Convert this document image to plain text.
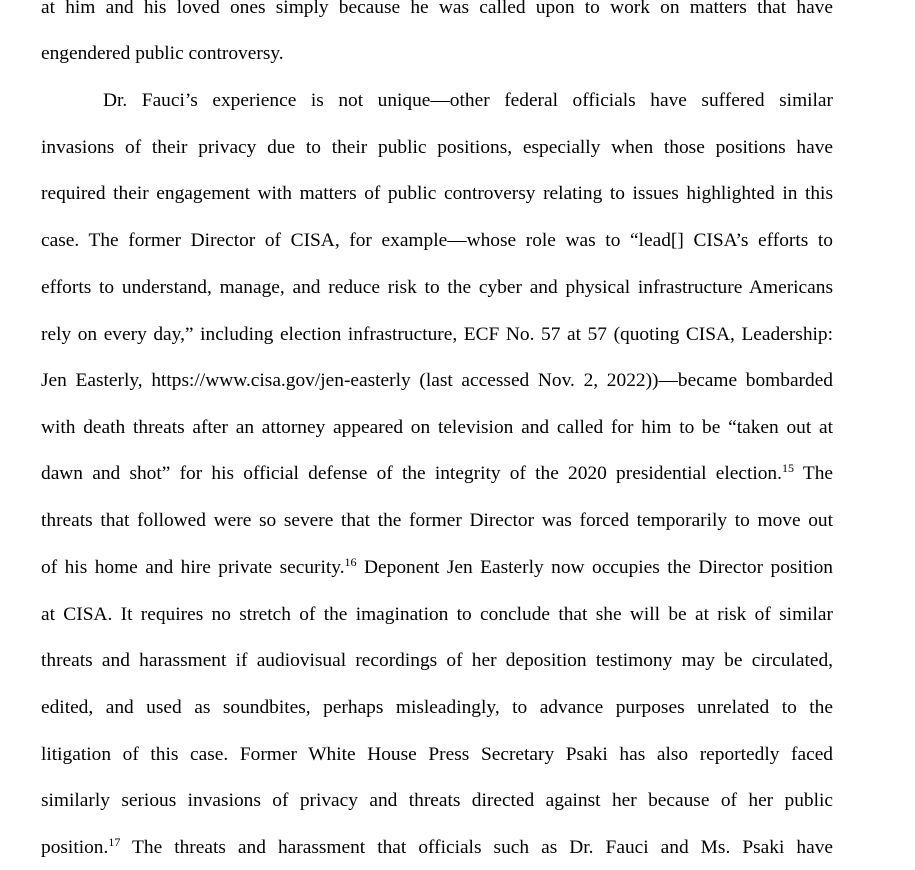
at him and his loved ones simply because he was called upon to work on matters that have
engendered public controversy.
Dr. Fauci’s experience is not unique—other federal officials have suffered similar
invasions of their privacy due to their public positions, especially when those positions have
required their engagement with matters of public controversy relating to issues highlighted in this
case. The former Director of CISA, for example—whose role was to “lead[] CISA’s efforts to
efforts to understand, manage, and reduce risk to the cyber and physical infrastructure Americans
rely on every day,” including election infrastructure, ECF No. 57 at 57 (quoting CISA, Leadership:
Jen Easterly, https://www.cisa.gov/jen-easterly (last accessed Nov. 2, 2022))—became bombarded
with death threats after an attorney appeared on television and called for him to be “taken out at
dawn and shot” for his official defense of the integrity of the 2020 presidential election.$^{15}$ The
threats that followed were so severe that the former Director was forced temporarily to move out
of his home and hire private security.$^{16}$ Deponent Jen Easterly now occupies the Director position
at CISA. It requires no stretch of the imagination to conclude that she will be at risk of similar
threats and harassment if audiovisual recordings of her deposition testimony may be circulated,
edited, and used as soundbites, perhaps misleadingly, to advance purposes unrelated to the
litigation of this case. Former White House Press Secretary Psaki has also reportedly faced
similarly serious invasions of privacy and threats directed against her because of her public
position.$^{17}$ The threats and harassment that officials such as Dr. Fauci and Ms. Psaki have
